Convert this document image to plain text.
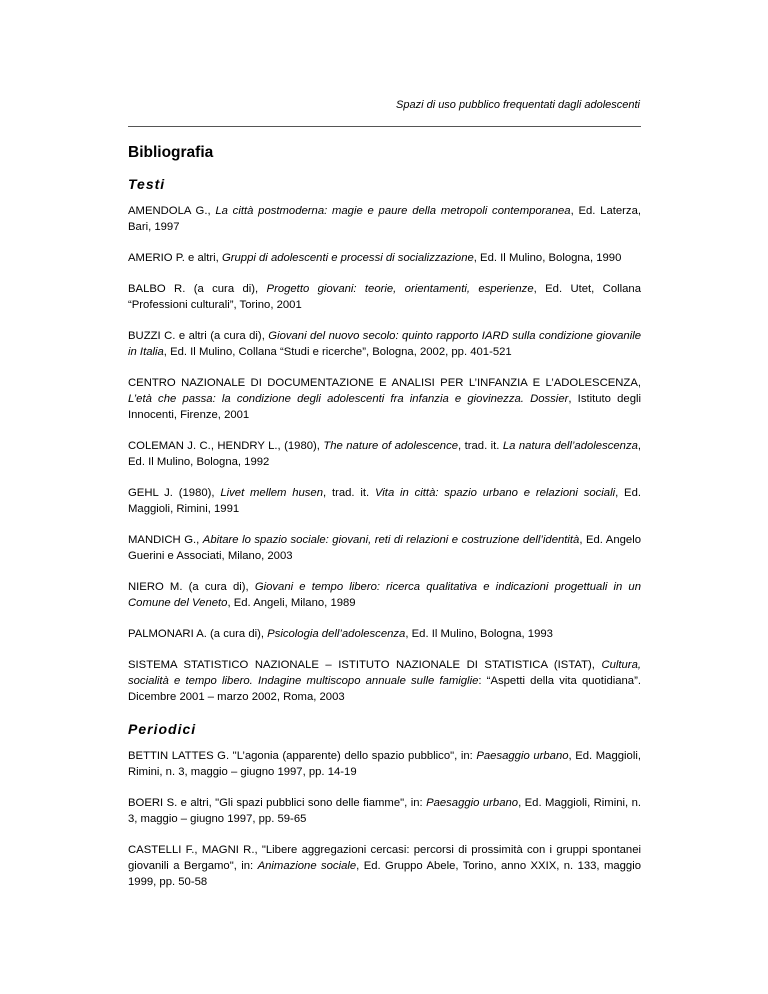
Spazi di uso pubblico frequentati dagli adolescenti
Bibliografia
Testi

AMENDOLA G., La città postmoderna: magie e paure della metropoli contemporanea, Ed. Laterza, Bari, 1997

AMERIO P. e altri, Gruppi di adolescenti e processi di socializzazione, Ed. Il Mulino, Bologna, 1990

BALBO R. (a cura di), Progetto giovani: teorie, orientamenti, esperienze, Ed. Utet, Collana “Professioni culturali”, Torino, 2001

BUZZI C. e altri (a cura di), Giovani del nuovo secolo: quinto rapporto IARD sulla condizione giovanile in Italia, Ed. Il Mulino, Collana “Studi e ricerche”, Bologna, 2002, pp. 401-521

CENTRO NAZIONALE DI DOCUMENTAZIONE E ANALISI PER L’INFANZIA E L’ADOLESCENZA, L’età che passa: la condizione degli adolescenti fra infanzia e giovinezza. Dossier, Istituto degli Innocenti, Firenze, 2001

COLEMAN J. C., HENDRY L., (1980), The nature of adolescence, trad. it. La natura dell’adolescenza, Ed. Il Mulino, Bologna, 1992

GEHL J. (1980), Livet mellem husen, trad. it. Vita in città: spazio urbano e relazioni sociali, Ed. Maggioli, Rimini, 1991

MANDICH G., Abitare lo spazio sociale: giovani, reti di relazioni e costruzione dell’identità, Ed. Angelo Guerini e Associati, Milano, 2003

NIERO M. (a cura di), Giovani e tempo libero: ricerca qualitativa e indicazioni progettuali in un Comune del Veneto, Ed. Angeli, Milano, 1989

PALMONARI A. (a cura di), Psicologia dell’adolescenza, Ed. Il Mulino, Bologna, 1993

SISTEMA STATISTICO NAZIONALE – ISTITUTO NAZIONALE DI STATISTICA (ISTAT), Cultura, socialità e tempo libero. Indagine multiscopo annuale sulle famiglie: “Aspetti della vita quotidiana”. Dicembre 2001 – marzo 2002, Roma, 2003

Periodici

BETTIN LATTES G. "L’agonia (apparente) dello spazio pubblico", in: Paesaggio urbano, Ed. Maggioli, Rimini, n. 3, maggio – giugno 1997, pp. 14-19

BOERI S. e altri, "Gli spazi pubblici sono delle fiamme", in: Paesaggio urbano, Ed. Maggioli, Rimini, n. 3, maggio – giugno 1997, pp. 59-65

CASTELLI F., MAGNI R., "Libere aggregazioni cercasi: percorsi di prossimità con i gruppi spontanei giovanili a Bergamo", in: Animazione sociale, Ed. Gruppo Abele, Torino, anno XXIX, n. 133, maggio 1999, pp. 50-58
